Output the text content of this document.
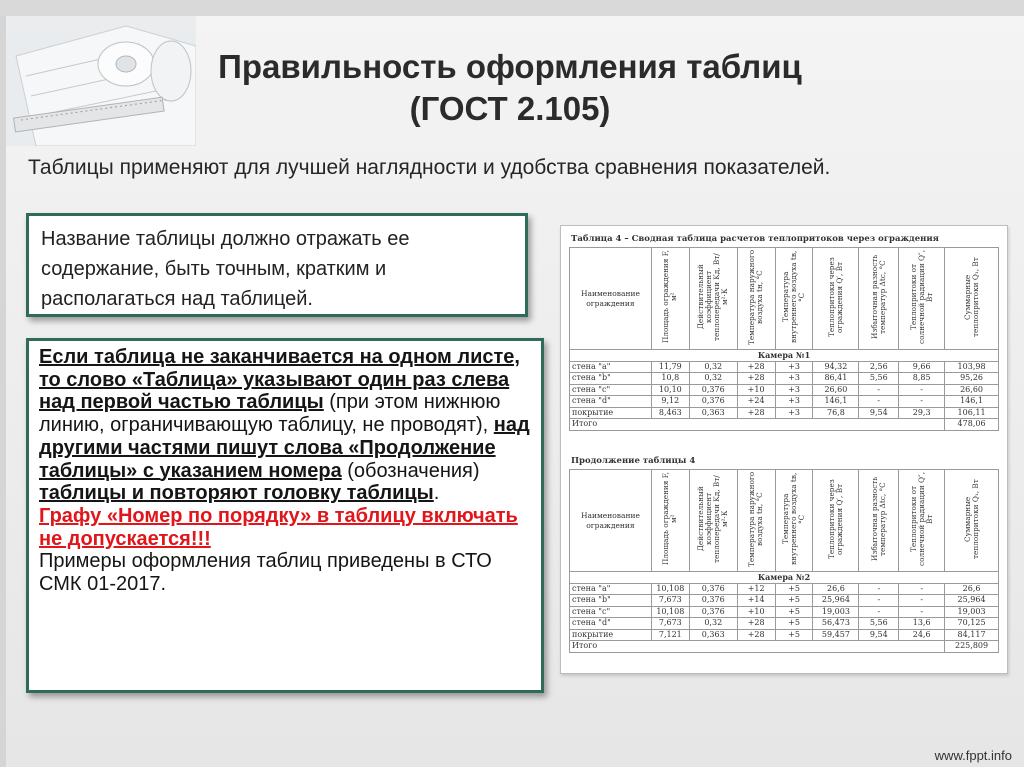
Правильность оформления таблиц
(ГОСТ 2.105)
Таблицы применяют для лучшей наглядности и удобства сравнения показателей.
Название таблицы должно отражать ее содержание, быть точным, кратким и располагаться над таблицей.
Если таблица не заканчивается на одном листе, то слово «Таблица» указывают один раз слева над первой частью таблицы (при этом нижнюю линию, ограничивающую таблицу, не проводят), над другими частями пишут слова «Продолжение таблицы» с указанием номера (обозначения) таблицы и повторяют головку таблицы.
Графу «Номер по порядку» в таблицу включать не допускается!!!
Примеры оформления таблиц приведены в СТО СМК 01-2017.
Таблица 4 – Сводная таблица расчетов теплопритоков через ограждения
Наименование ограждения	Площадь ограждения F, м²	Действительный коэффициент теплопередачи Kд, Вт/м²·К	Температура наружного воздуха tн, °С	Температура внутреннего воздуха tв, °С	Теплопритоки через ограждения Q′, Вт	Избыточная разность температур Δtс, °С	Теплопритоки от солнечной радиации Q″, Вт	Суммарные теплопритоки Q₁, Вт
Камера №1								
стена "а"	11,79	0,32	+28	+3	94,32	2,56	9,66	103,98
стена "b"	10,8	0,32	+28	+3	86,41	5,56	8,85	95,26
стена "c"	10,10	0,376	+10	+3	26,60	-	-	26,60
стена "d"	9,12	0,376	+24	+3	146,1	-	-	146,1
покрытие	8,463	0,363	+28	+3	76,8	9,54	29,3	106,11
Итого								478,06
Продолжение таблицы 4
Наименование ограждения	Площадь ограждения F, м²	Действительный коэффициент теплопередачи Kд, Вт/м²·К	Температура наружного воздуха tн, °С	Температура внутреннего воздуха tв, °С	Теплопритоки через ограждения Q′, Вт	Избыточная разность температур Δtс, °С	Теплопритоки от солнечной радиации Q″, Вт	Суммарные теплопритоки Q₁, Вт
Камера №2								
стена "а"	10,108	0,376	+12	+5	26,6	-	-	26,6
стена "b"	7,673	0,376	+14	+5	25,964	-	-	25,964
стена "c"	10,108	0,376	+10	+5	19,003	-	-	19,003
стена "d"	7,673	0,32	+28	+5	56,473	5,56	13,6	70,125
покрытие	7,121	0,363	+28	+5	59,457	9,54	24,6	84,117
Итого								225,809
www.fppt.info
